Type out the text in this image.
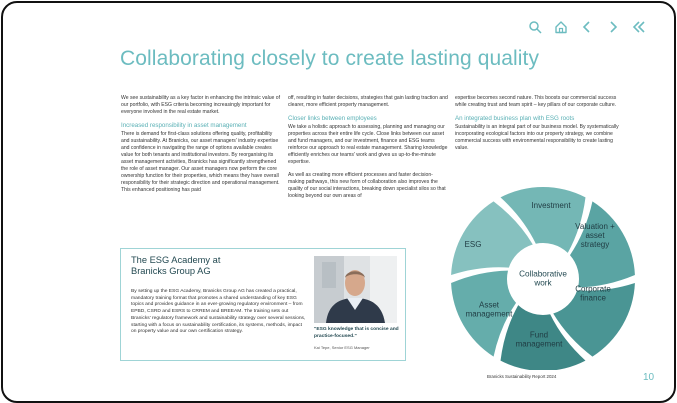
Collaborating closely to create lasting quality

We see sustainability as a key factor in enhancing the intrinsic value of our portfolio, with ESG criteria becoming increasingly important for everyone involved in the real estate market.

Increased responsibility in asset management

There is demand for first-class solutions offering quality, profitability and sustainability. At Branicks, our asset managers' industry expertise and confidence in navigating the range of options available creates value for both tenants and institutional investors. By reorganising its asset management activities, Branicks has significantly strengthened the role of asset manager. Our asset managers now perform the core ownership function for their properties, which means they have overall responsibility for their strategic direction and operational management. This enhanced positioning has paid

off, resulting in faster decisions, strategies that gain lasting traction and clearer, more efficient property management.

Closer links between employees

We take a holistic approach to assessing, planning and managing our properties across their entire life cycle. Close links between our asset and fund managers, and our investment, finance and ESG teams reinforce our approach to real estate management. Sharing knowledge efficiently enriches our teams' work and gives us up-to-the-minute expertise.

As well as creating more efficient processes and faster decision-making pathways, this new form of collaboration also improves the quality of our social interactions, breaking down specialist silos so that looking beyond our own areas of

expertise becomes second nature. This boosts our commercial success while creating trust and team spirit – key pillars of our corporate culture.

An integrated business plan with ESG roots

Sustainability is an integral part of our business model. By systematically incorporating ecological factors into our property strategy, we combine commercial success with environmental responsibility to create lasting value.

The ESG Academy at
Branicks Group AG

By setting up the ESG Academy, Branicks Group AG has created a practical, mandatory training format that promotes a shared understanding of key ESG topics and provides guidance in an ever-growing regulatory environment – from EPBD, CSRD and ESRS to CRREM and BREEAM. The training sets out Branicks' regulatory framework and sustainability strategy over several sessions, starting with a focus on sustainability certification, its systems, methods, impact on property value and our own certification strategy.	"ESG knowledge that is concise and practice-focused."

Kai Tepe, Senior ESG Manager

Collaborative work
Investment
Valuation + asset strategy
Corporate finance
Fund management
Asset management
ESG
Branicks Sustainability Report 2024	10
